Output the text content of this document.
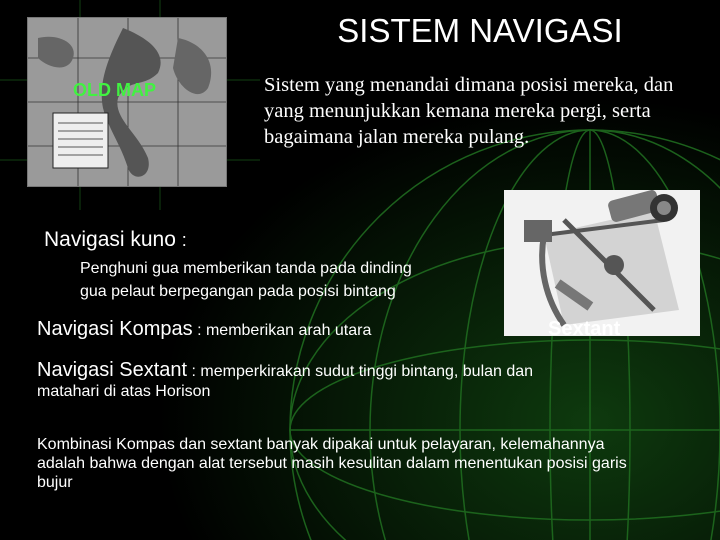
SISTEM NAVIGASI
OLD MAP	Sistem yang menandai dimana posisi mereka, dan yang menunjukkan kemana mereka pergi, serta bagaimana jalan mereka pulang.
Navigasi kuno :
Penghuni gua memberikan tanda pada dinding
gua pelaut berpegangan pada posisi bintang
Sextant
Navigasi Kompas : memberikan arah utara
Navigasi Sextant : memperkirakan sudut tinggi bintang, bulan dan
matahari di atas Horison
Kombinasi Kompas dan sextant banyak dipakai untuk pelayaran, kelemahannya adalah bahwa dengan alat tersebut masih kesulitan dalam menentukan posisi garis bujur
